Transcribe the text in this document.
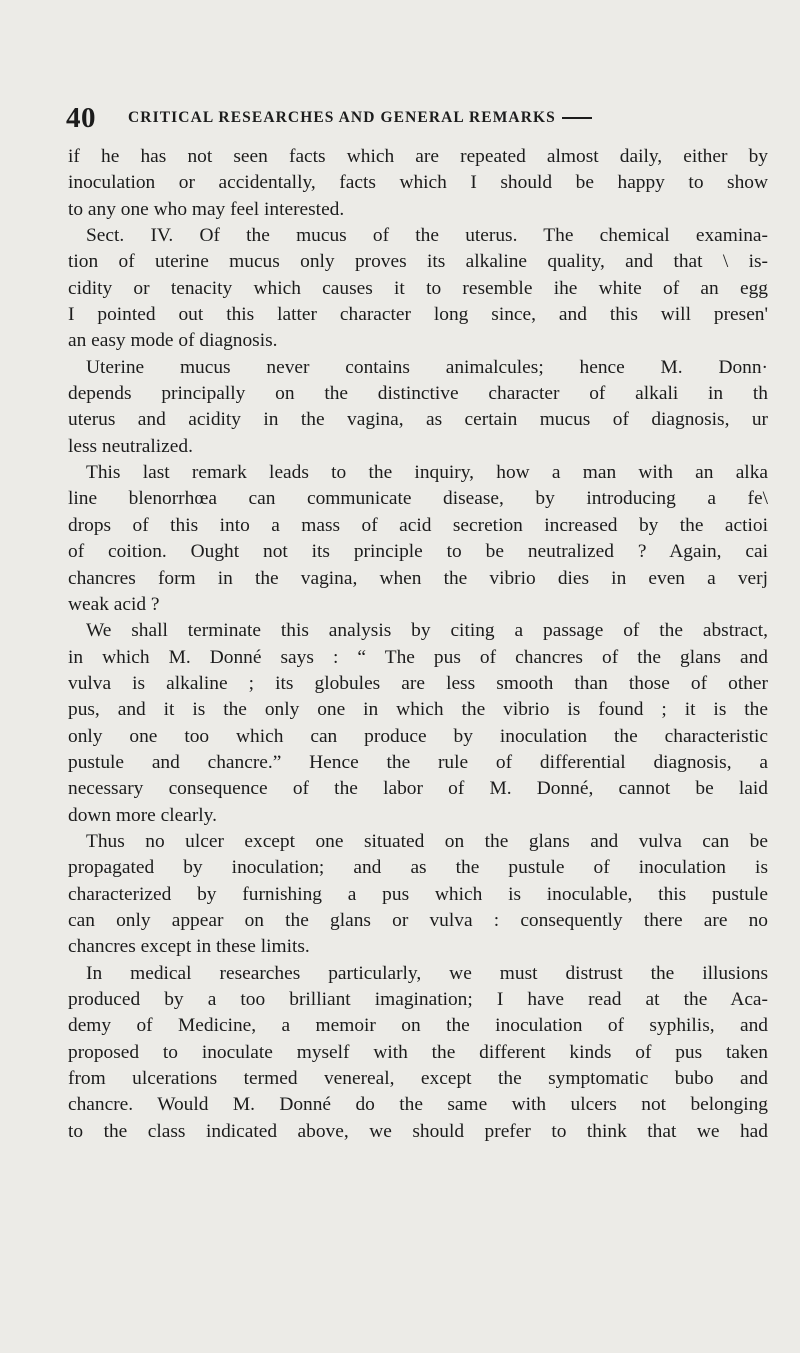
40	CRITICAL RESEARCHES AND GENERAL REMARKS
if he has not seen facts which are repeated almost daily, either by
inoculation or accidentally, facts which I should be happy to show
to any one who may feel interested.
Sect. IV. Of the mucus of the uterus. The chemical examina-
tion of uterine mucus only proves its alkaline quality, and that \ is-
cidity or tenacity which causes it to resemble ihe white of an egg
I pointed out this latter character long since, and this will presen'
an easy mode of diagnosis.
Uterine mucus never contains animalcules; hence M. Donn·
depends principally on the distinctive character of alkali in th
uterus and acidity in the vagina, as certain mucus of diagnosis, ur
less neutralized.
This last remark leads to the inquiry, how a man with an alka
line blenorrhœa can communicate disease, by introducing a fe\
drops of this into a mass of acid secretion increased by the actioi
of coition. Ought not its principle to be neutralized ? Again, cai
chancres form in the vagina, when the vibrio dies in even a verj
weak acid ?
We shall terminate this analysis by citing a passage of the abstract,
in which M. Donné says : “ The pus of chancres of the glans and
vulva is alkaline ; its globules are less smooth than those of other
pus, and it is the only one in which the vibrio is found ; it is the
only one too which can produce by inoculation the characteristic
pustule and chancre.” Hence the rule of differential diagnosis, a
necessary consequence of the labor of M. Donné, cannot be laid
down more clearly.
Thus no ulcer except one situated on the glans and vulva can be
propagated by inoculation; and as the pustule of inoculation is
characterized by furnishing a pus which is inoculable, this pustule
can only appear on the glans or vulva : consequently there are no
chancres except in these limits.
In medical researches particularly, we must distrust the illusions
produced by a too brilliant imagination; I have read at the Aca-
demy of Medicine, a memoir on the inoculation of syphilis, and
proposed to inoculate myself with the different kinds of pus taken
from ulcerations termed venereal, except the symptomatic bubo and
chancre. Would M. Donné do the same with ulcers not belonging
to the class indicated above, we should prefer to think that we had
